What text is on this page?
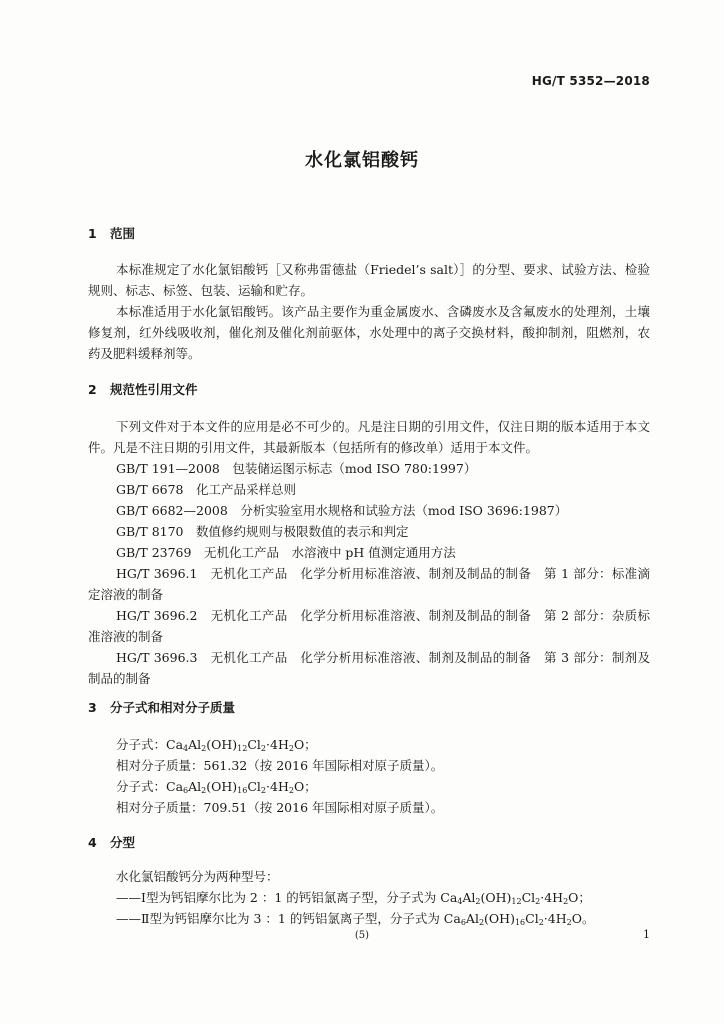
HG/T 5352—2018
水化氯铝酸钙
1 范围

本标准规定了水化氯铝酸钙［又称弗雷德盐（Friedel’s salt）］的分型、要求、试验方法、检验规则、标志、标签、包装、运输和贮存。

本标准适用于水化氯铝酸钙。该产品主要作为重金属废水、含磷废水及含氟废水的处理剂，土壤修复剂，红外线吸收剂，催化剂及催化剂前驱体，水处理中的离子交换材料，酸抑制剂，阻燃剂，农药及肥料缓释剂等。

2 规范性引用文件

下列文件对于本文件的应用是必不可少的。凡是注日期的引用文件，仅注日期的版本适用于本文件。凡是不注日期的引用文件，其最新版本（包括所有的修改单）适用于本文件。

GB/T 191—2008　包装储运图示标志（mod ISO 780:1997）
GB/T 6678　化工产品采样总则
GB/T 6682—2008　分析实验室用水规格和试验方法（mod ISO 3696:1987）
GB/T 8170　数值修约规则与极限数值的表示和判定
GB/T 23769　无机化工产品　水溶液中 pH 值测定通用方法

HG/T 3696.1　无机化工产品　化学分析用标准溶液、制剂及制品的制备　第 1 部分：标准滴定溶液的制备

HG/T 3696.2　无机化工产品　化学分析用标准溶液、制剂及制品的制备　第 2 部分：杂质标准溶液的制备

HG/T 3696.3　无机化工产品　化学分析用标准溶液、制剂及制品的制备　第 3 部分：制剂及制品的制备

3 分子式和相对分子质量
分子式：$Ca_4Al_2(OH)_{12}Cl_2\cdot 4H_2O$；
相对分子质量：561.32（按 2016 年国际相对原子质量）。
分子式：$Ca_6Al_2(OH)_{16}Cl_2\cdot 4H_2O$；
相对分子质量：709.51（按 2016 年国际相对原子质量）。
4 分型
水化氯铝酸钙分为两种型号：
——Ⅰ型为钙铝摩尔比为 2 ：1 的钙铝氯离子型，分子式为 $Ca_4Al_2(OH)_{12}Cl_2\cdot 4H_2O$；
——Ⅱ型为钙铝摩尔比为 3 ：1 的钙铝氯离子型，分子式为 $Ca_6Al_2(OH)_{16}Cl_2\cdot 4H_2O$。
(5)	1
